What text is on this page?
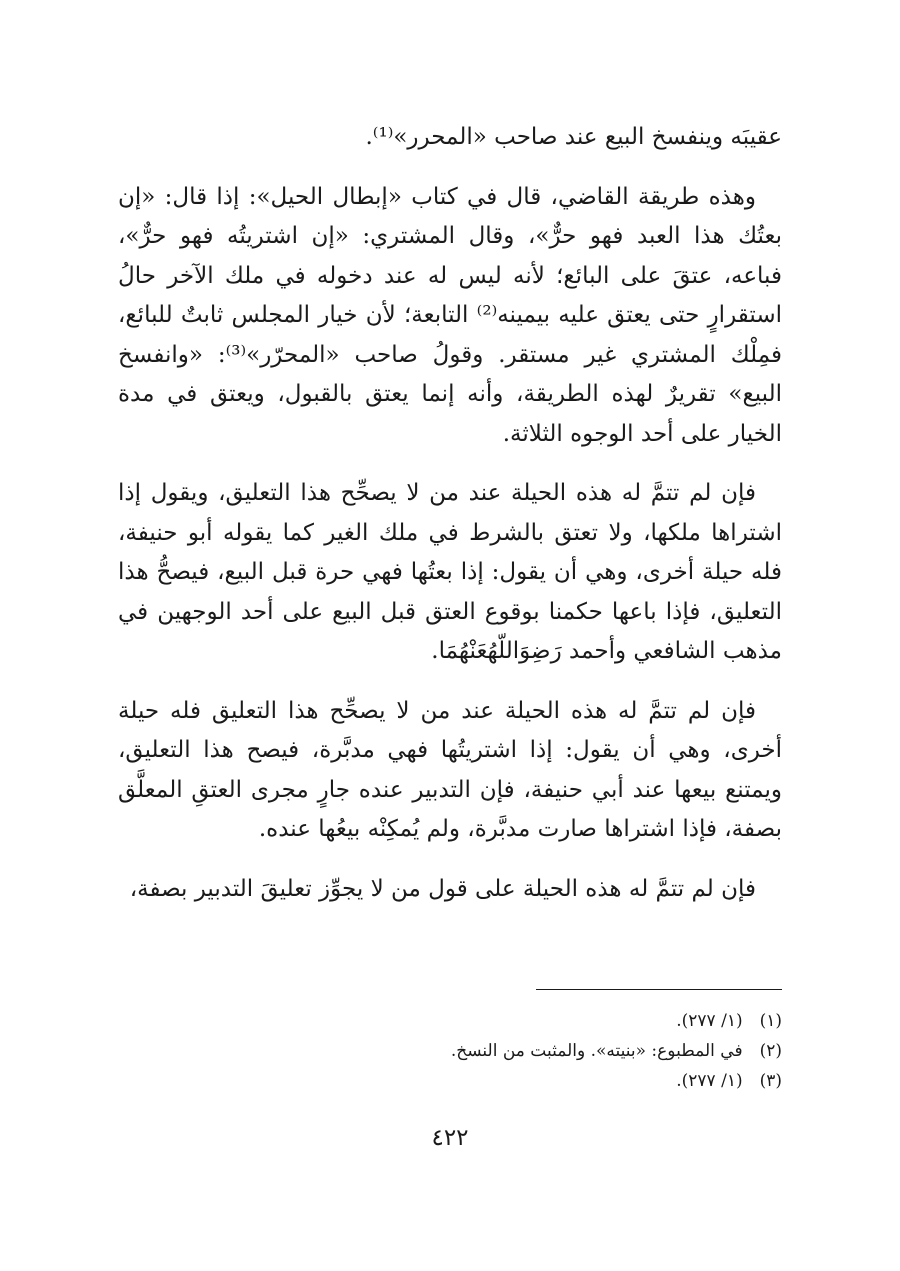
عقيبَه وينفسخ البيع عند صاحب «المحرر»⁽¹⁾.

وهذه طريقة القاضي، قال في كتاب «إبطال الحيل»: إذا قال: «إن بعتُك هذا العبد فهو حرٌّ»، وقال المشتري: «إن اشتريتُه فهو حرٌّ»، فباعه، عتقَ على البائع؛ لأنه ليس له عند دخوله في ملك الآخر حالُ استقرارٍ حتى يعتق عليه بيمينه⁽²⁾ التابعة؛ لأن خيار المجلس ثابتٌ للبائع، فمِلْك المشتري غير مستقر. وقولُ صاحب «المحرّر»⁽³⁾: «وانفسخ البيع» تقريرٌ لهذه الطريقة، وأنه إنما يعتق بالقبول، ويعتق في مدة الخيار على أحد الوجوه الثلاثة.

فإن لم تتمَّ له هذه الحيلة عند من لا يصحِّح هذا التعليق، ويقول إذا اشتراها ملكها، ولا تعتق بالشرط في ملك الغير كما يقوله أبو حنيفة، فله حيلة أخرى، وهي أن يقول: إذا بعتُها فهي حرة قبل البيع، فيصحُّ هذا التعليق، فإذا باعها حكمنا بوقوع العتق قبل البيع على أحد الوجهين في مذهب الشافعي وأحمد رَضِوَاللّهُعَنْهُمَا.

فإن لم تتمَّ له هذه الحيلة عند من لا يصحِّح هذا التعليق فله حيلة أخرى، وهي أن يقول: إذا اشتريتُها فهي مدبَّرة، فيصح هذا التعليق، ويمتنع بيعها عند أبي حنيفة، فإن التدبير عنده جارٍ مجرى العتقِ المعلَّق بصفة، فإذا اشتراها صارت مدبَّرة، ولم يُمكِنْه بيعُها عنده.

فإن لم تتمَّ له هذه الحيلة على قول من لا يجوِّز تعليقَ التدبير بصفة،

(١) (١/ ٢٧٧).

(٢) في المطبوع: «بنيته». والمثبت من النسخ.

(٣) (١/ ٢٧٧).

٤٢٢
